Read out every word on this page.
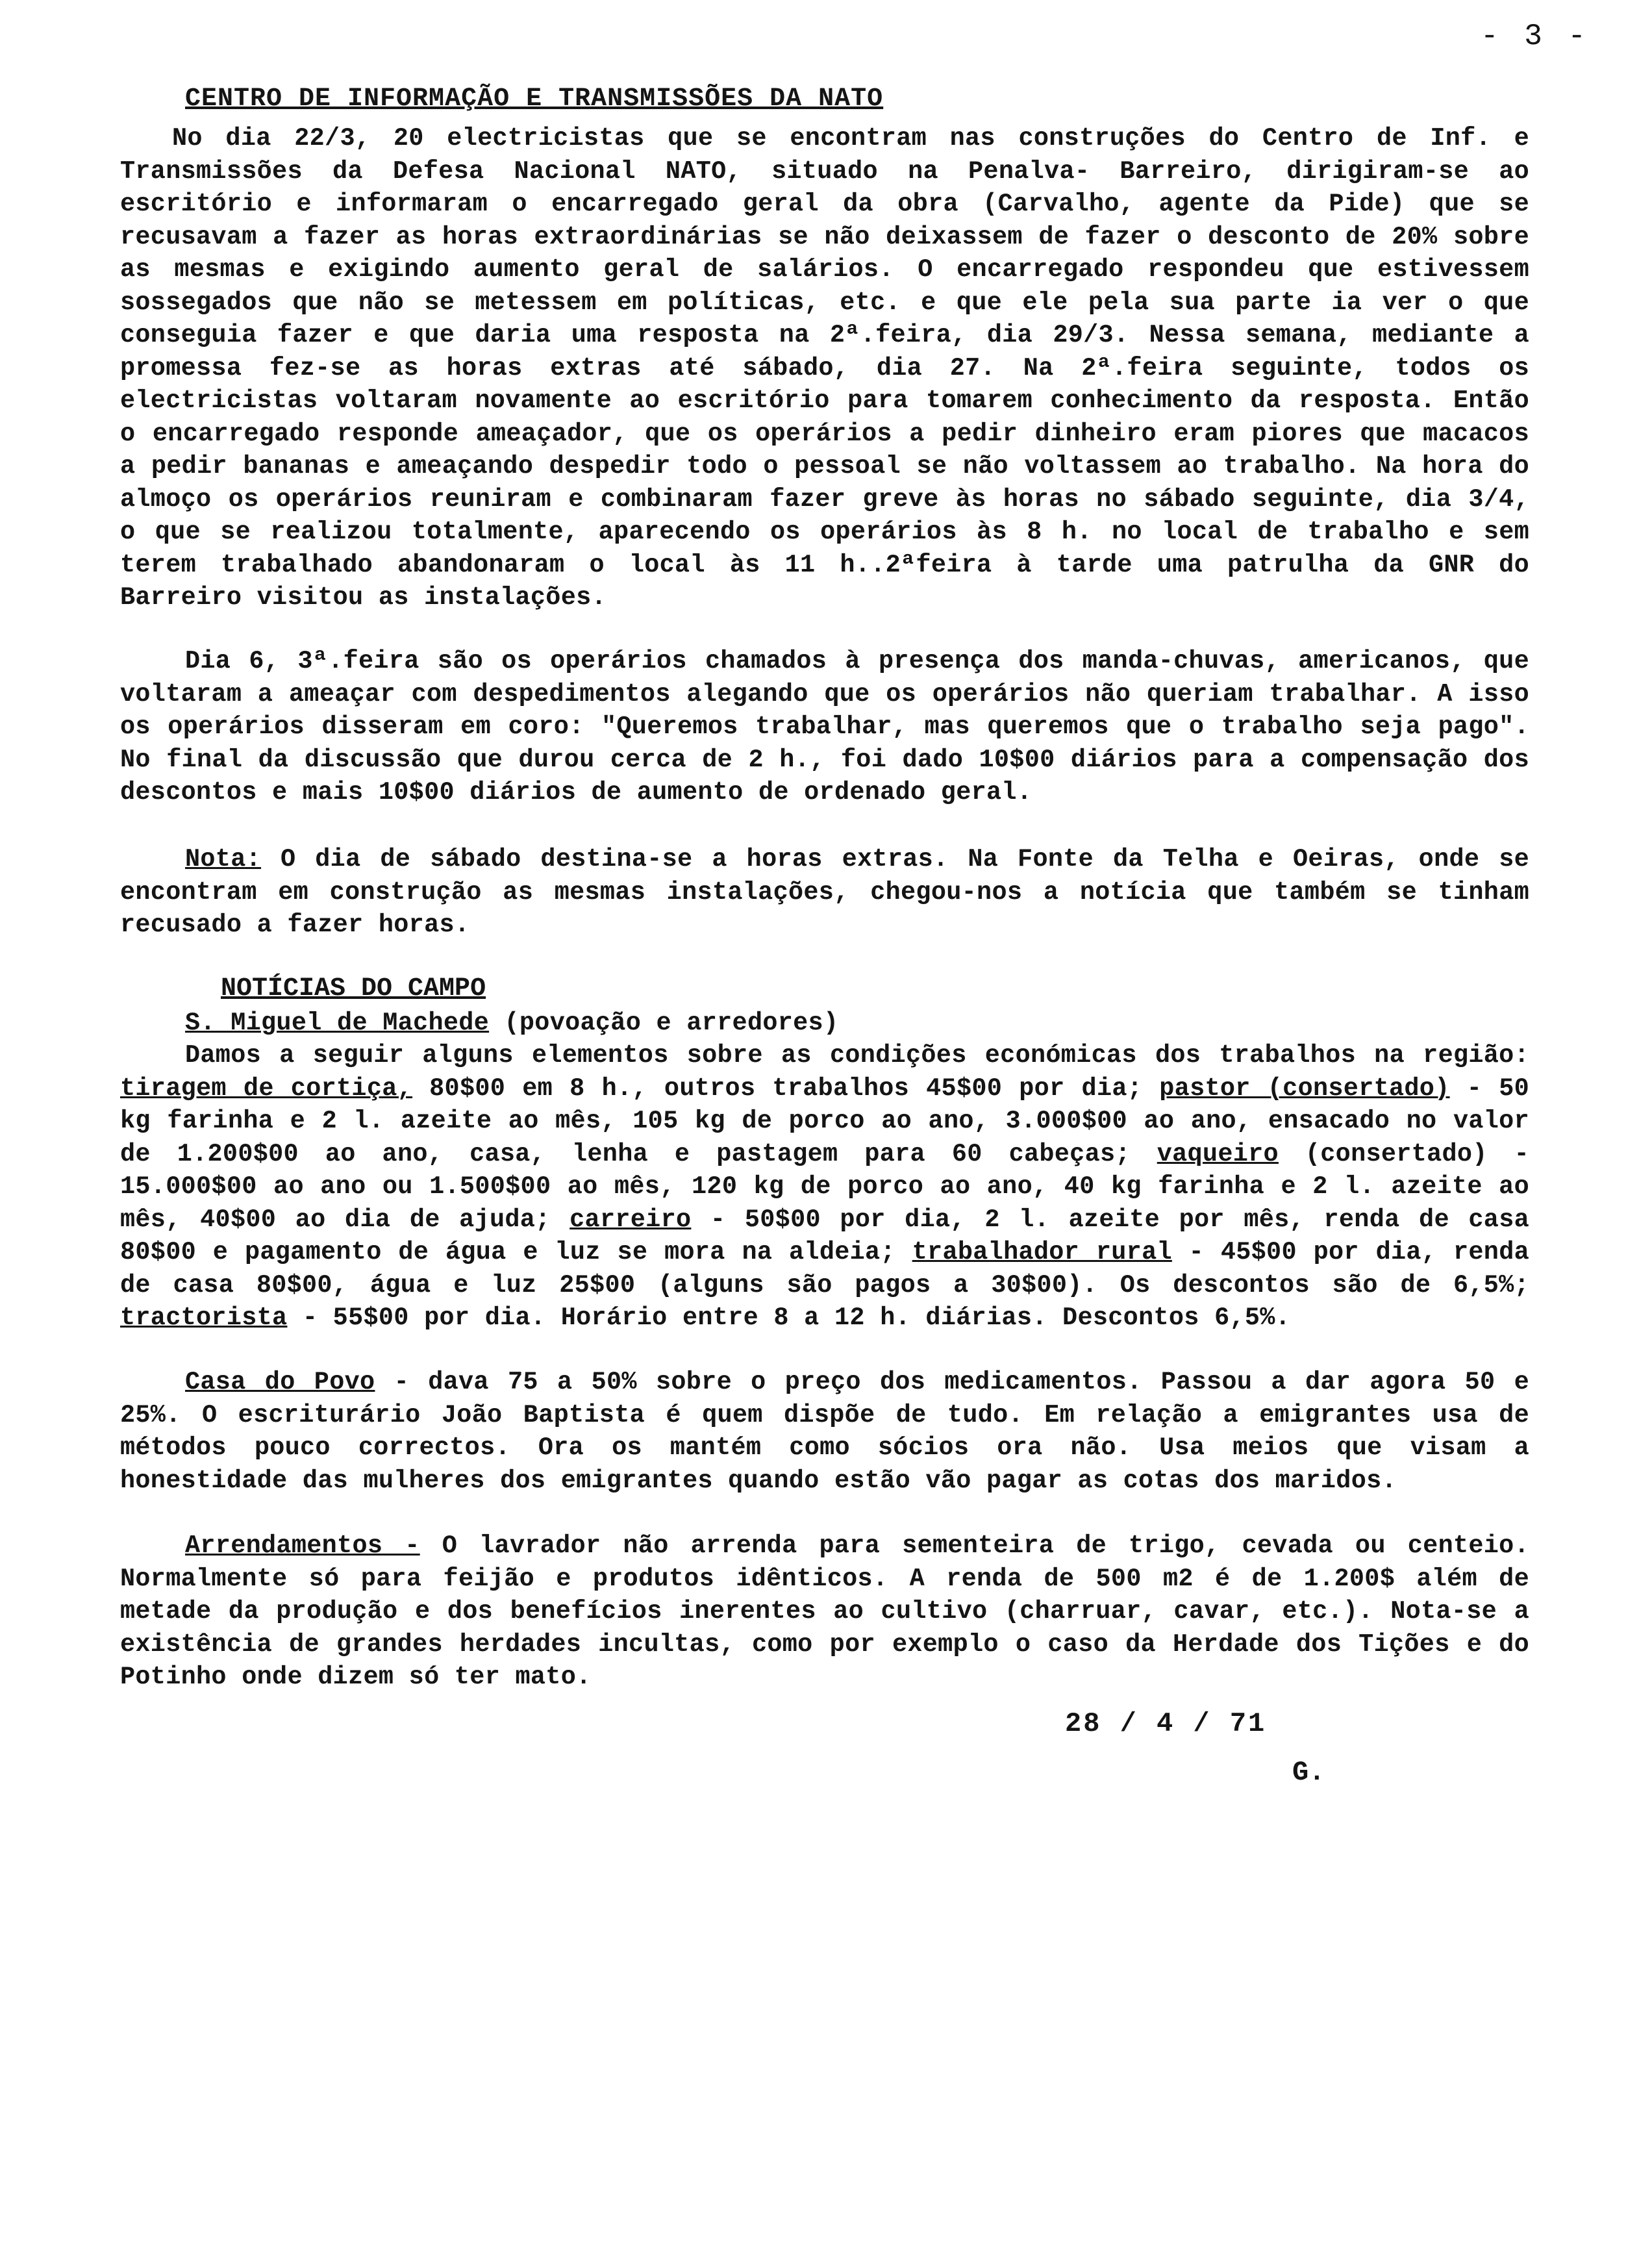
- 3 -
CENTRO DE INFORMAÇÃO E TRANSMISSÕES DA NATO
No dia 22/3, 20 electricistas que se encontram nas construções do Centro de Inf. e Transmissões da Defesa Nacional NATO, situado na Penalva- Barreiro, dirigiram-se ao escritório e informaram o encarregado geral da obra (Carvalho, agente da Pide) que se recusavam a fazer as horas extraordinárias se não deixassem de fazer o desconto de 20% sobre as mesmas e exigindo aumento geral de salários. O encarregado respondeu que estivessem sossegados que não se metessem em políticas, etc. e que ele pela sua parte ia ver o que conseguia fazer e que daria uma resposta na 2ª.feira, dia 29/3. Nessa semana, mediante a promessa fez-se as horas extras até sábado, dia 27. Na 2ª.feira seguinte, todos os electricistas voltaram novamente ao escritório para tomarem conhecimento da resposta. Então o encarregado responde ameaçador, que os operários a pedir dinheiro eram piores que macacos a pedir bananas e ameaçando despedir todo o pessoal se não voltassem ao trabalho. Na hora do almoço os operários reuniram e combinaram fazer greve às horas no sábado seguinte, dia 3/4, o que se realizou totalmente, aparecendo os operários às 8 h. no local de trabalho e sem terem trabalhado abandonaram o local às 11 h..2ªfeira à tarde uma patrulha da GNR do Barreiro visitou as instalações.
Dia 6, 3ª.feira são os operários chamados à presença dos manda-chuvas, americanos, que voltaram a ameaçar com despedimentos alegando que os operários não queriam trabalhar. A isso os operários disseram em coro: "Queremos trabalhar, mas queremos que o trabalho seja pago". No final da discussão que durou cerca de 2 h., foi dado 10$00 diários para a compensação dos descontos e mais 10$00 diários de aumento de ordenado geral.
Nota: O dia de sábado destina-se a horas extras. Na Fonte da Telha e Oeiras, onde se encontram em construção as mesmas instalações, chegou-nos a notícia que também se tinham recusado a fazer horas.
NOTÍCIAS DO CAMPO
S. Miguel de Machede (povoação e arredores)
Damos a seguir alguns elementos sobre as condições económicas dos trabalhos na região: tiragem de cortiça, 80$00 em 8 h., outros trabalhos 45$00 por dia; pastor (consertado) - 50 kg farinha e 2 l. azeite ao mês, 105 kg de porco ao ano, 3.000$00 ao ano, ensacado no valor de 1.200$00 ao ano, casa, lenha e pastagem para 60 cabeças; vaqueiro (consertado) - 15.000$00 ao ano ou 1.500$00 ao mês, 120 kg de porco ao ano, 40 kg farinha e 2 l. azeite ao mês, 40$00 ao dia de ajuda; carreiro - 50$00 por dia, 2 l. azeite por mês, renda de casa 80$00 e pagamento de água e luz se mora na aldeia; trabalhador rural - 45$00 por dia, renda de casa 80$00, água e luz 25$00 (alguns são pagos a 30$00). Os descontos são de 6,5%; tractorista - 55$00 por dia. Horário entre 8 a 12 h. diárias. Descontos 6,5%.
Casa do Povo - dava 75 a 50% sobre o preço dos medicamentos. Passou a dar agora 50 e 25%. O escriturário João Baptista é quem dispõe de tudo. Em relação a emigrantes usa de métodos pouco correctos. Ora os mantém como sócios ora não. Usa meios que visam a honestidade das mulheres dos emigrantes quando estão vão pagar as cotas dos maridos.
Arrendamentos - O lavrador não arrenda para sementeira de trigo, cevada ou centeio. Normalmente só para feijão e produtos idênticos. A renda de 500 m2 é de 1.200$ além de metade da produção e dos benefícios inerentes ao cultivo (charruar, cavar, etc.). Nota-se a existência de grandes herdades incultas, como por exemplo o caso da Herdade dos Tições e do Potinho onde dizem só ter mato.
28 / 4 / 71
G.
